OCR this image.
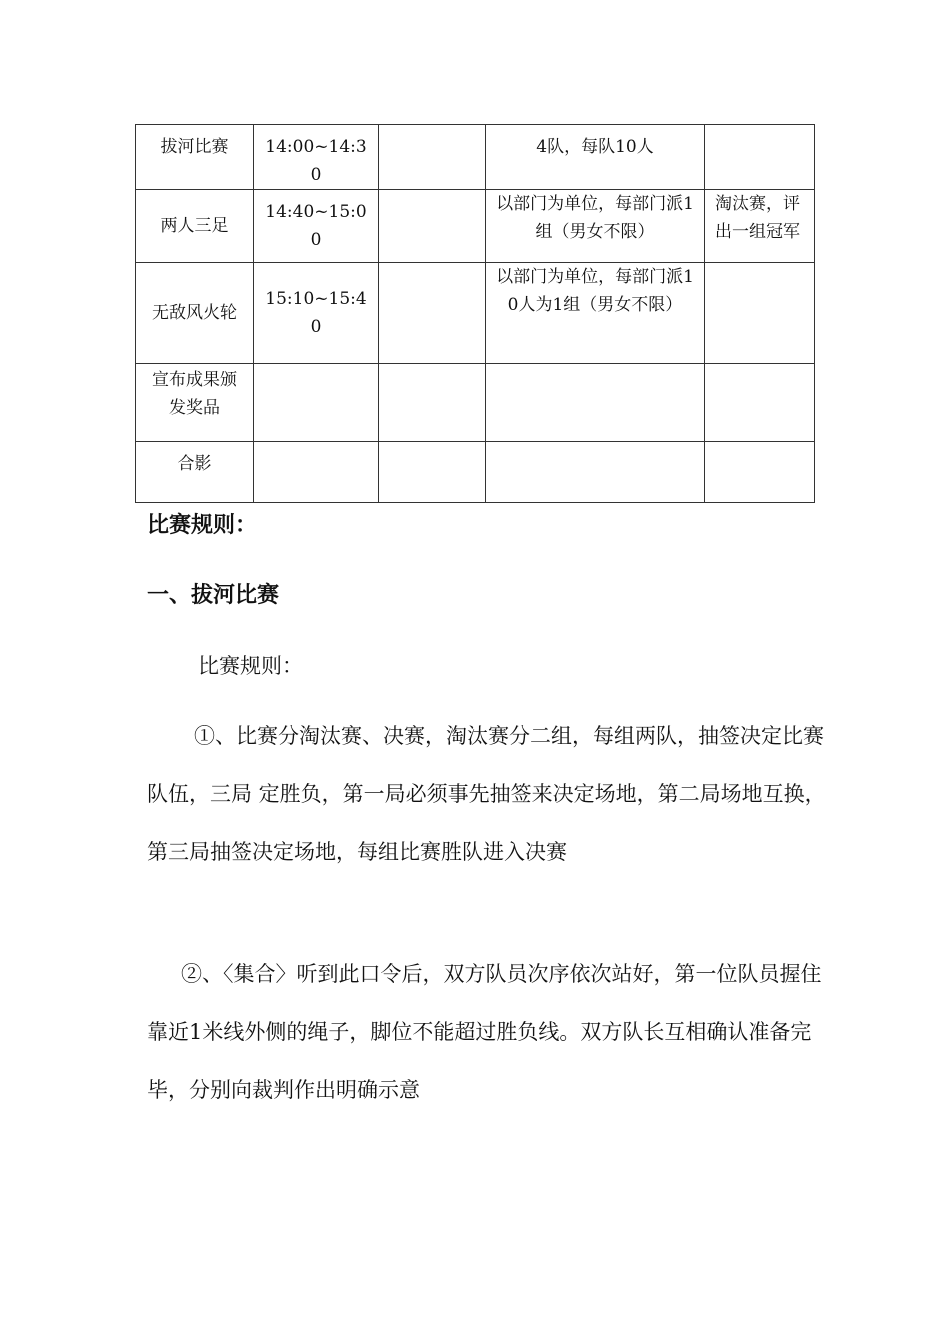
拔河比赛	14:00~14:30		4队，每队10人	
两人三足	14:40~15:00		以部门为单位，每部门派1组（男女不限）	淘汰赛，评出一组冠军
无敌风火轮	15:10~15:40		以部门为单位，每部门派10人为1组（男女不限）	
宣布成果颁发奖品				
合影				
比赛规则：
一、拔河比赛
比赛规则：

①、比赛分淘汰赛、决赛，淘汰赛分二组，每组两队，抽签决定比赛队伍，三局 定胜负，第一局必须事先抽签来决定场地，第二局场地互换，第三局抽签决定场地，每组比赛胜队进入决赛

②、〈集合〉听到此口令后，双方队员次序依次站好，第一位队员握住靠近1米线外侧的绳子，脚位不能超过胜负线。双方队长互相确认准备完毕，分别向裁判作出明确示意
